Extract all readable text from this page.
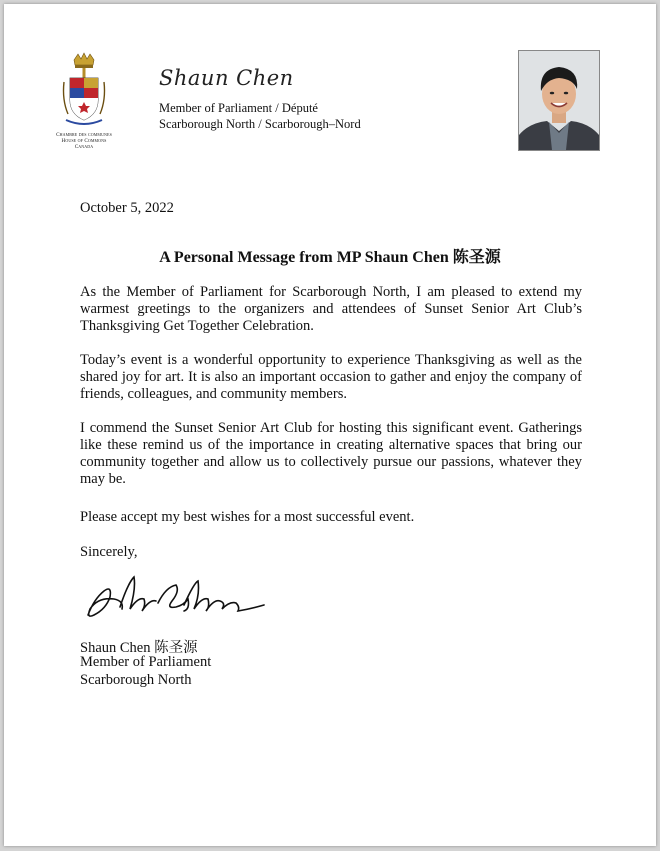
Chambre des communes
House of Commons
Canada
Shaun Chen
Member of Parliament / Député
Scarborough North / Scarborough–Nord
October 5, 2022
A Personal Message from MP Shaun Chen 陈圣源
As the Member of Parliament for Scarborough North, I am pleased to extend my warmest greetings to the organizers and attendees of Sunset Senior Art Club’s Thanksgiving Get Together Celebration.
Today’s event is a wonderful opportunity to experience Thanksgiving as well as the shared joy for art. It is also an important occasion to gather and enjoy the company of friends, colleagues, and community members.
I commend the Sunset Senior Art Club for hosting this significant event. Gatherings like these remind us of the importance in creating alternative spaces that bring our community together and allow us to collectively pursue our passions, whatever they may be.
Please accept my best wishes for a most successful event.
Sincerely,
Shaun Chen 陈圣源
Member of Parliament
Scarborough North
